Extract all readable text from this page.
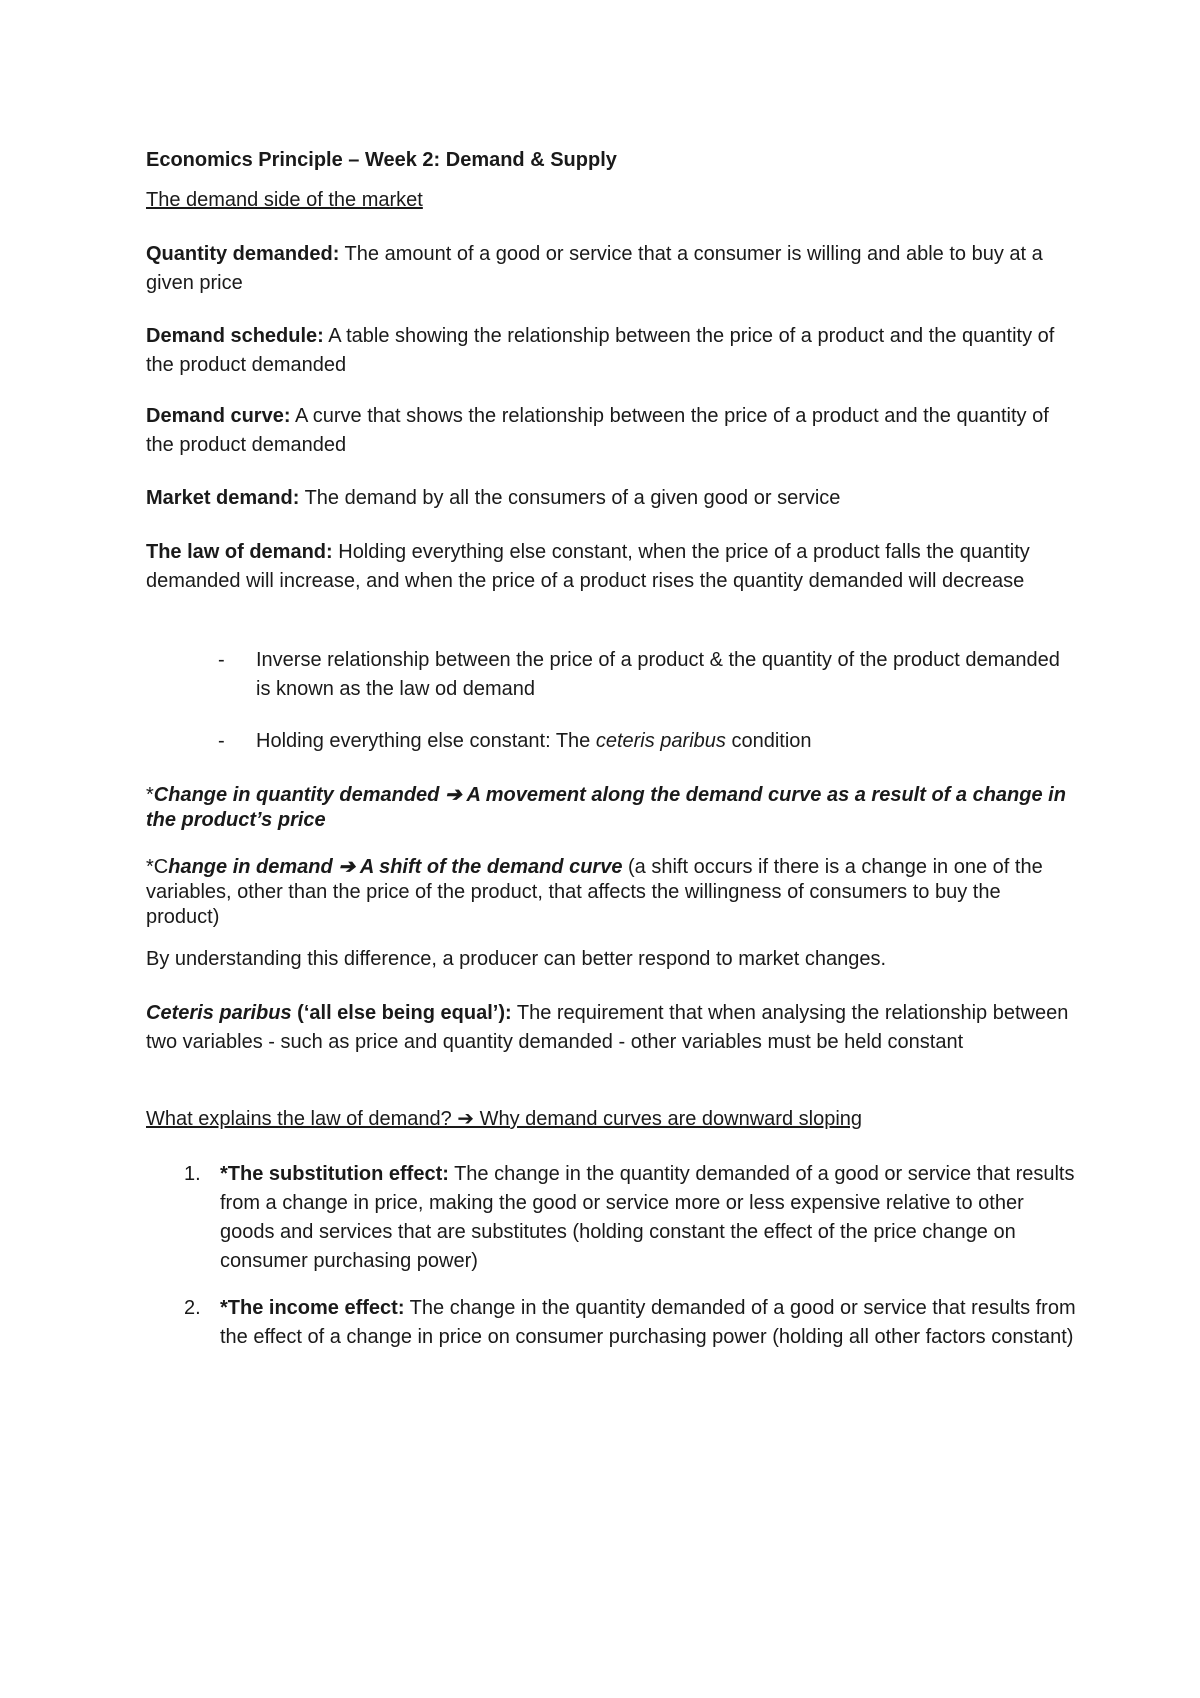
Economics Principle – Week 2: Demand & Supply

The demand side of the market

Quantity demanded: The amount of a good or service that a consumer is willing and able to buy at a given price

Demand schedule: A table showing the relationship between the price of a product and the quantity of the product demanded

Demand curve: A curve that shows the relationship between the price of a product and the quantity of the product demanded

Market demand: The demand by all the consumers of a given good or service

The law of demand: Holding everything else constant, when the price of a product falls the quantity demanded will increase, and when the price of a product rises the quantity demanded will decrease

- Inverse relationship between the price of a product & the quantity of the product demanded is known as the law od demand

- Holding everything else constant: The ceteris paribus condition

*Change in quantity demanded ➔ A movement along the demand curve as a result of a change in the product’s price

*Change in demand ➔ A shift of the demand curve (a shift occurs if there is a change in one of the variables, other than the price of the product, that affects the willingness of consumers to buy the product)

By understanding this difference, a producer can better respond to market changes.

Ceteris paribus (‘all else being equal’): The requirement that when analysing the relationship between two variables - such as price and quantity demanded - other variables must be held constant

What explains the law of demand? ➔ Why demand curves are downward sloping

1. *The substitution effect: The change in the quantity demanded of a good or service that results from a change in price, making the good or service more or less expensive relative to other goods and services that are substitutes (holding constant the effect of the price change on consumer purchasing power)

2. *The income effect: The change in the quantity demanded of a good or service that results from the effect of a change in price on consumer purchasing power (holding all other factors constant)
